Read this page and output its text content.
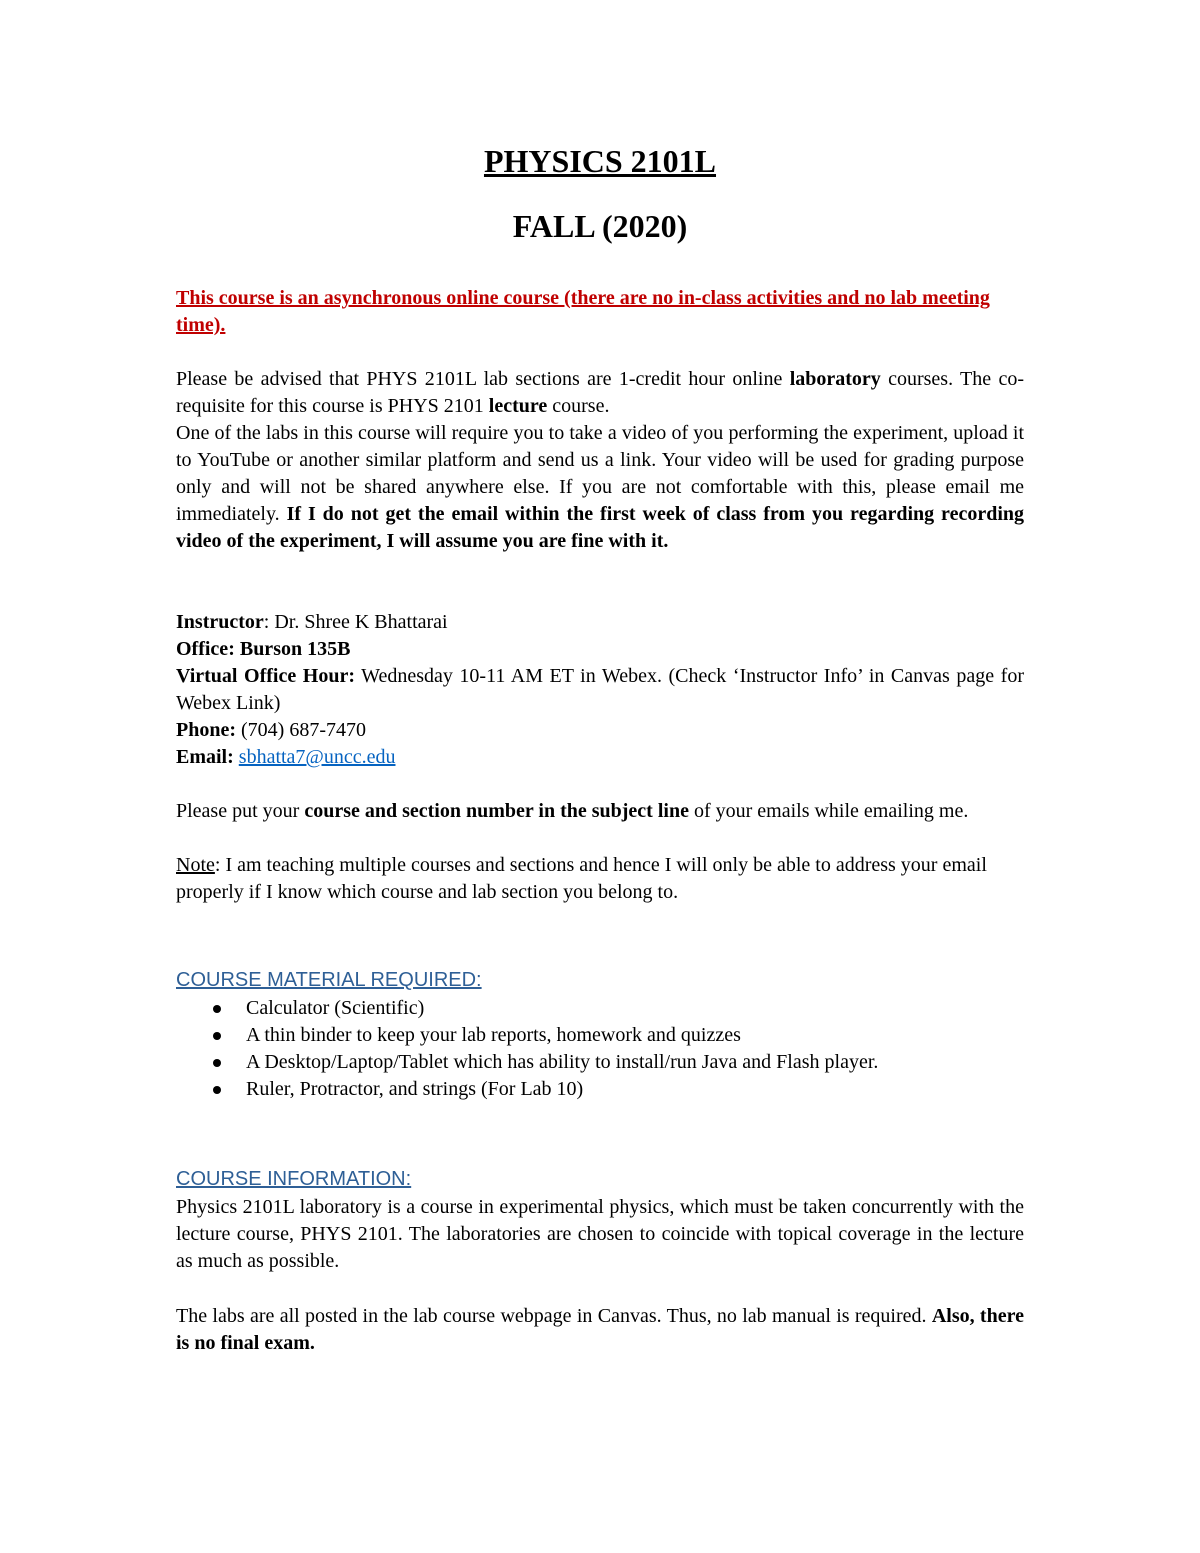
PHYSICS 2101L
FALL (2020)
This course is an asynchronous online course (there are no in-class activities and no lab meeting time).
Please be advised that PHYS 2101L lab sections are 1-credit hour online laboratory courses. The co-requisite for this course is PHYS 2101 lecture course.
One of the labs in this course will require you to take a video of you performing the experiment, upload it to YouTube or another similar platform and send us a link. Your video will be used for grading purpose only and will not be shared anywhere else. If you are not comfortable with this, please email me immediately. If I do not get the email within the first week of class from you regarding recording video of the experiment, I will assume you are fine with it.
Instructor: Dr. Shree K Bhattarai
Office: Burson 135B
Virtual Office Hour: Wednesday 10-11 AM ET in Webex. (Check ‘Instructor Info’ in Canvas page for Webex Link)
Phone: (704) 687-7470
Email: sbhatta7@uncc.edu
Please put your course and section number in the subject line of your emails while emailing me.
Note: I am teaching multiple courses and sections and hence I will only be able to address your email properly if I know which course and lab section you belong to.
COURSE MATERIAL REQUIRED:
Calculator (Scientific)
A thin binder to keep your lab reports, homework and quizzes
A Desktop/Laptop/Tablet which has ability to install/run Java and Flash player.
Ruler, Protractor, and strings (For Lab 10)
COURSE INFORMATION:
Physics 2101L laboratory is a course in experimental physics, which must be taken concurrently with the lecture course, PHYS 2101. The laboratories are chosen to coincide with topical coverage in the lecture as much as possible.
The labs are all posted in the lab course webpage in Canvas. Thus, no lab manual is required. Also, there is no final exam.
